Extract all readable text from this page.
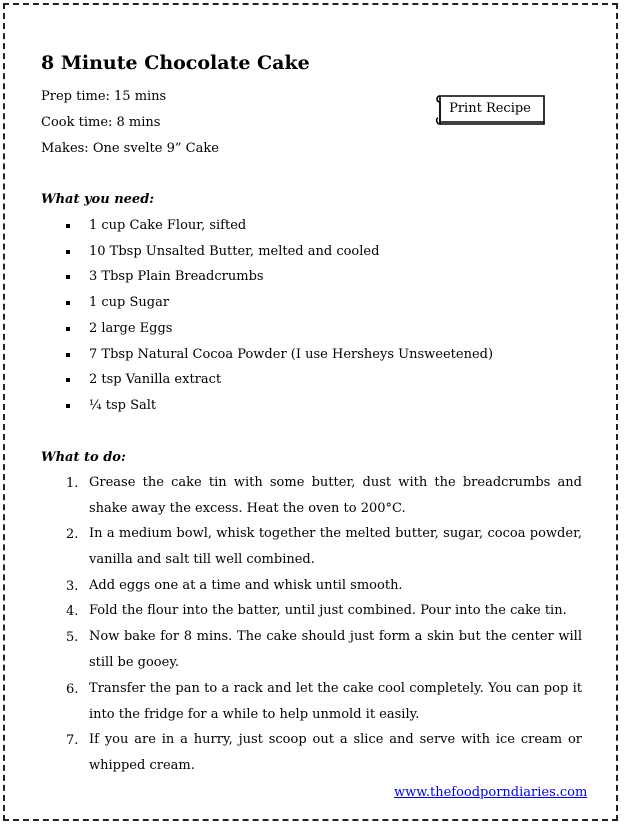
8 Minute Chocolate Cake
Prep time: 15 mins
Cook time: 8 mins
Makes: One svelte 9” Cake
What you need:
1 cup Cake Flour, sifted
10 Tbsp Unsalted Butter, melted and cooled
3 Tbsp Plain Breadcrumbs
1 cup Sugar
2 large Eggs
7 Tbsp Natural Cocoa Powder (I use Hersheys Unsweetened)
2 tsp Vanilla extract
¼ tsp Salt
What to do:
1. Grease the cake tin with some butter, dust with the breadcrumbs and shake away the excess. Heat the oven to 200°C.
2. In a medium bowl, whisk together the melted butter, sugar, cocoa powder, vanilla and salt till well combined.
3. Add eggs one at a time and whisk until smooth.
4. Fold the flour into the batter, until just combined. Pour into the cake tin.
5. Now bake for 8 mins. The cake should just form a skin but the center will still be gooey.
6. Transfer the pan to a rack and let the cake cool completely. You can pop it into the fridge for a while to help unmold it easily.
7. If you are in a hurry, just scoop out a slice and serve with ice cream or whipped cream.
www.thefoodporndiaries.com
Print Recipe
